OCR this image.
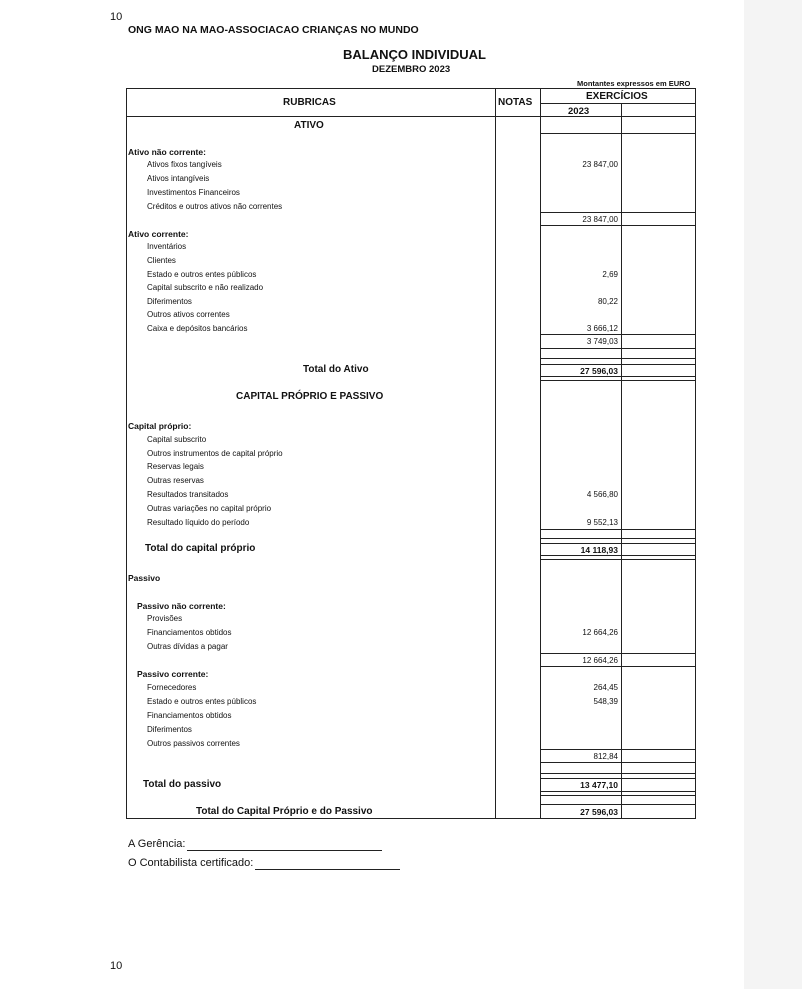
10
ONG MAO NA MAO-ASSOCIACAO CRIANÇAS NO MUNDO
BALANÇO INDIVIDUAL
DEZEMBRO 2023
Montantes expressos em EURO
RUBRICAS	NOTAS
EXERCÍCIOS
2023
ATIVO
Ativo não corrente:
Ativos fixos tangíveis	23 847,00
Ativos intangíveis
Investimentos Financeiros
Créditos e outros ativos não correntes
23 847,00
Ativo corrente:
Inventários
Clientes
Estado e outros entes públicos	2,69
Capital subscrito e não realizado
Diferimentos	80,22
Outros ativos correntes
Caixa e depósitos bancários	3 666,12
3 749,03
Total do Ativo	27 596,03
CAPITAL PRÓPRIO E PASSIVO
Capital próprio:
Capital subscrito
Outros instrumentos de capital próprio
Reservas legais
Outras reservas
Resultados transitados	4 566,80
Outras variações no capital próprio
Resultado líquido do período	9 552,13
Total do capital próprio	14 118,93
Passivo
Passivo não corrente:
Provisões
Financiamentos obtidos	12 664,26
Outras dívidas a pagar
12 664,26
Passivo corrente:
Fornecedores	264,45
Estado e outros entes públicos	548,39
Financiamentos obtidos
Diferimentos
Outros passivos correntes
812,84
Total do passivo	13 477,10
Total do Capital Próprio e do Passivo	27 596,03
A Gerência:
O Contabilista certificado:
10
